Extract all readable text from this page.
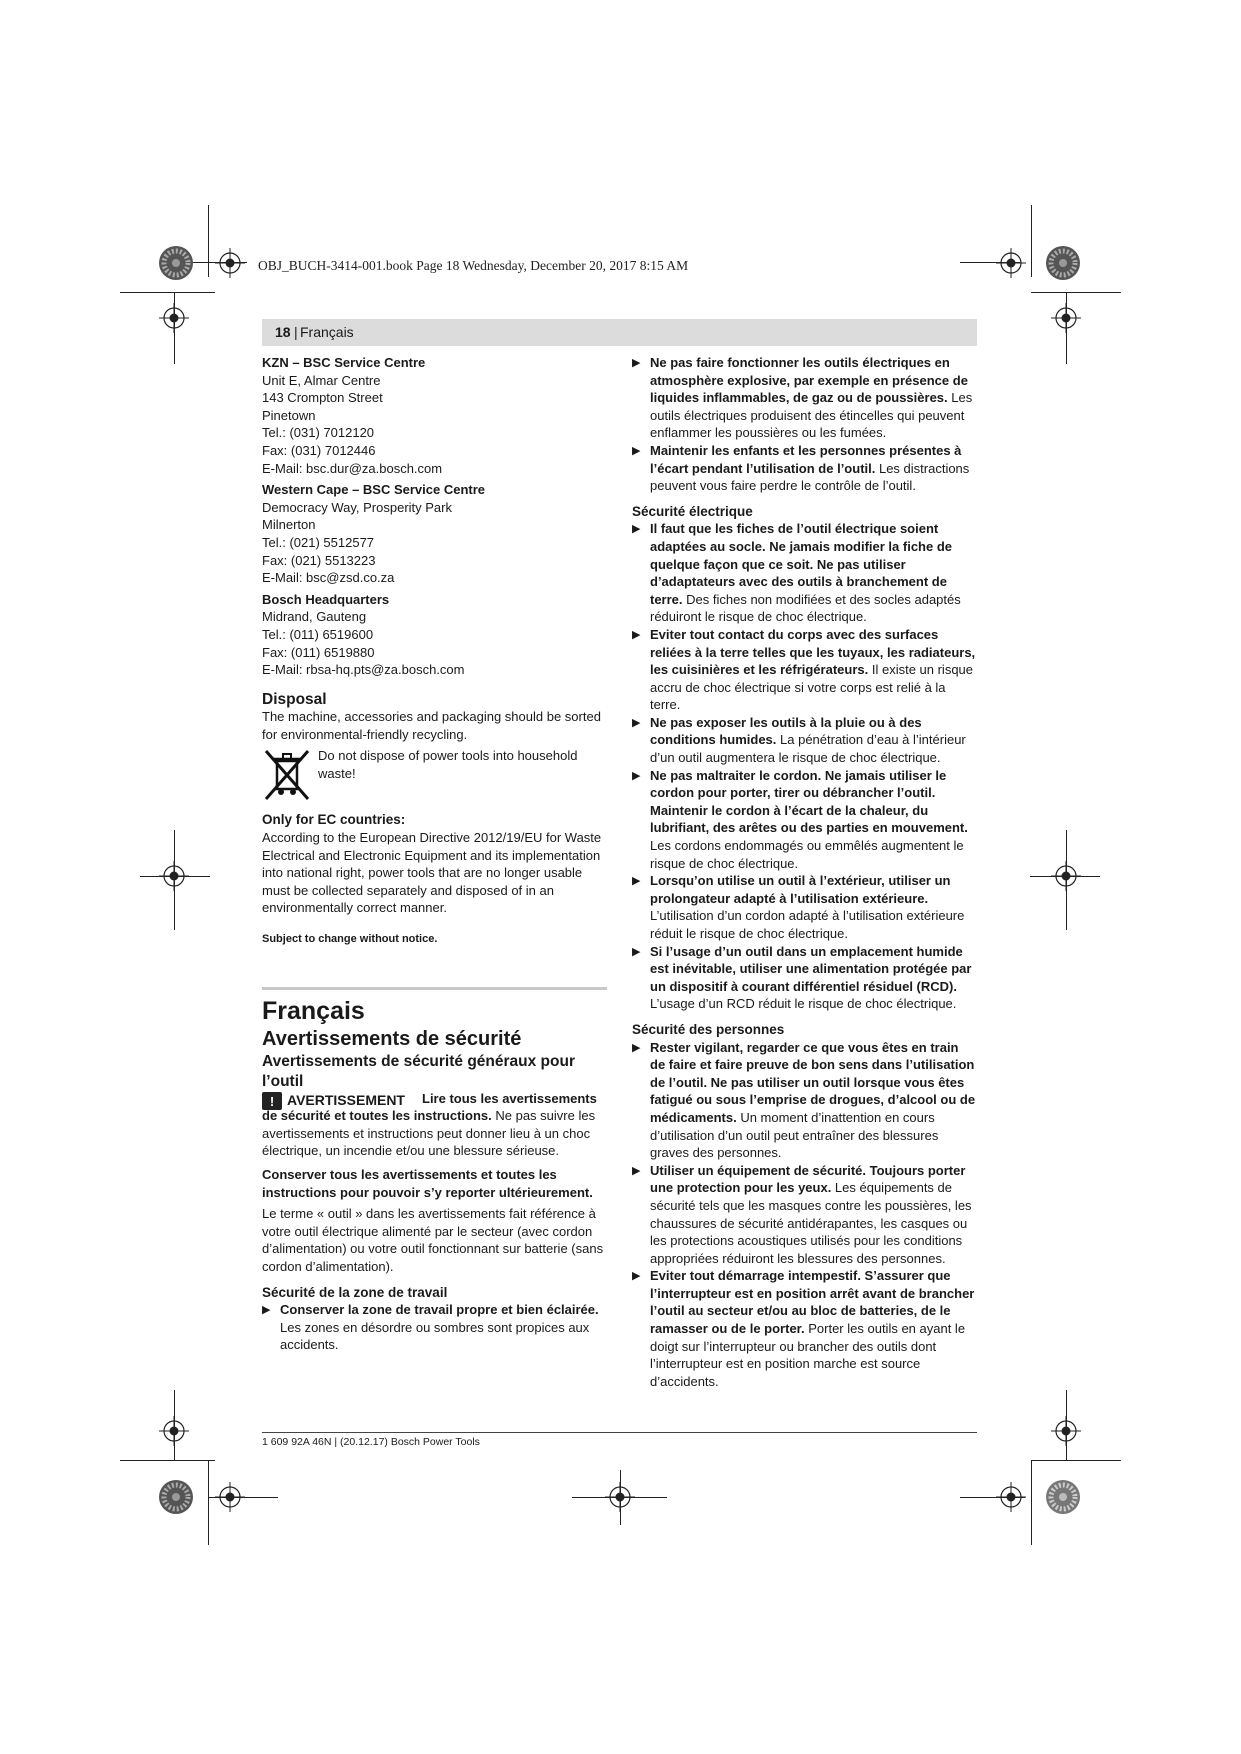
OBJ_BUCH-3414-001.book Page 18 Wednesday, December 20, 2017 8:15 AM
18 | Français

KZN – BSC Service Centre

Unit E, Almar Centre

143 Crompton Street

Pinetown

Tel.: (031) 7012120

Fax: (031) 7012446

E-Mail: bsc.dur@za.bosch.com

Western Cape – BSC Service Centre

Democracy Way, Prosperity Park

Milnerton

Tel.: (021) 5512577

Fax: (021) 5513223

E-Mail: bsc@zsd.co.za

Bosch Headquarters

Midrand, Gauteng

Tel.: (011) 6519600

Fax: (011) 6519880

E-Mail: rbsa-hq.pts@za.bosch.com

Disposal

The machine, accessories and packaging should be sorted for environmental-friendly recycling.

Do not dispose of power tools into household waste!

Only for EC countries:

According to the European Directive 2012/19/EU for Waste Electrical and Electronic Equipment and its implementation into national right, power tools that are no longer usable must be collected separately and disposed of in an environmentally correct manner.

Subject to change without notice.

Français

Avertissements de sécurité

Avertissements de sécurité généraux pour l’outil

! AVERTISSEMENT	Lire tous les avertissements de sécurité et toutes les instructions. Ne pas suivre les avertissements et instructions peut donner lieu à un choc électrique, un incendie et/ou une blessure sérieuse.

Conserver tous les avertissements et toutes les instructions pour pouvoir s’y reporter ultérieurement.

Le terme « outil » dans les avertissements fait référence à votre outil électrique alimenté par le secteur (avec cordon d’alimentation) ou votre outil fonctionnant sur batterie (sans cordon d’alimentation).

Sécurité de la zone de travail

▶ Conserver la zone de travail propre et bien éclairée. Les zones en désordre ou sombres sont propices aux accidents.

▶ Ne pas faire fonctionner les outils électriques en atmosphère explosive, par exemple en présence de liquides inflammables, de gaz ou de poussières. Les outils électriques produisent des étincelles qui peuvent enflammer les poussières ou les fumées.

▶ Maintenir les enfants et les personnes présentes à l’écart pendant l’utilisation de l’outil. Les distractions peuvent vous faire perdre le contrôle de l’outil.

Sécurité électrique

▶ Il faut que les fiches de l’outil électrique soient adaptées au socle. Ne jamais modifier la fiche de quelque façon que ce soit. Ne pas utiliser d’adaptateurs avec des outils à branchement de terre. Des fiches non modifiées et des socles adaptés réduiront le risque de choc électrique.

▶ Eviter tout contact du corps avec des surfaces reliées à la terre telles que les tuyaux, les radiateurs, les cuisinières et les réfrigérateurs. Il existe un risque accru de choc électrique si votre corps est relié à la terre.

▶ Ne pas exposer les outils à la pluie ou à des conditions humides. La pénétration d’eau à l’intérieur d’un outil augmentera le risque de choc électrique.

▶ Ne pas maltraiter le cordon. Ne jamais utiliser le cordon pour porter, tirer ou débrancher l’outil. Maintenir le cordon à l’écart de la chaleur, du lubrifiant, des arêtes ou des parties en mouvement. Les cordons endommagés ou emmêlés augmentent le risque de choc électrique.

▶ Lorsqu’on utilise un outil à l’extérieur, utiliser un prolongateur adapté à l’utilisation extérieure. L’utilisation d’un cordon adapté à l’utilisation extérieure réduit le risque de choc électrique.

▶ Si l’usage d’un outil dans un emplacement humide est inévitable, utiliser une alimentation protégée par un dispositif à courant différentiel résiduel (RCD). L’usage d’un RCD réduit le risque de choc électrique.

Sécurité des personnes

▶ Rester vigilant, regarder ce que vous êtes en train de faire et faire preuve de bon sens dans l’utilisation de l’outil. Ne pas utiliser un outil lorsque vous êtes fatigué ou sous l’emprise de drogues, d’alcool ou de médicaments. Un moment d’inattention en cours d’utilisation d’un outil peut entraîner des blessures graves des personnes.

▶ Utiliser un équipement de sécurité. Toujours porter une protection pour les yeux. Les équipements de sécurité tels que les masques contre les poussières, les chaussures de sécurité antidérapantes, les casques ou les protections acoustiques utilisés pour les conditions appropriées réduiront les blessures des personnes.

▶ Eviter tout démarrage intempestif. S’assurer que l’interrupteur est en position arrêt avant de brancher l’outil au secteur et/ou au bloc de batteries, de le ramasser ou de le porter. Porter les outils en ayant le doigt sur l’interrupteur ou brancher des outils dont l’interrupteur est en position marche est source d’accidents.

1 609 92A 46N | (20.12.17) Bosch Power Tools
